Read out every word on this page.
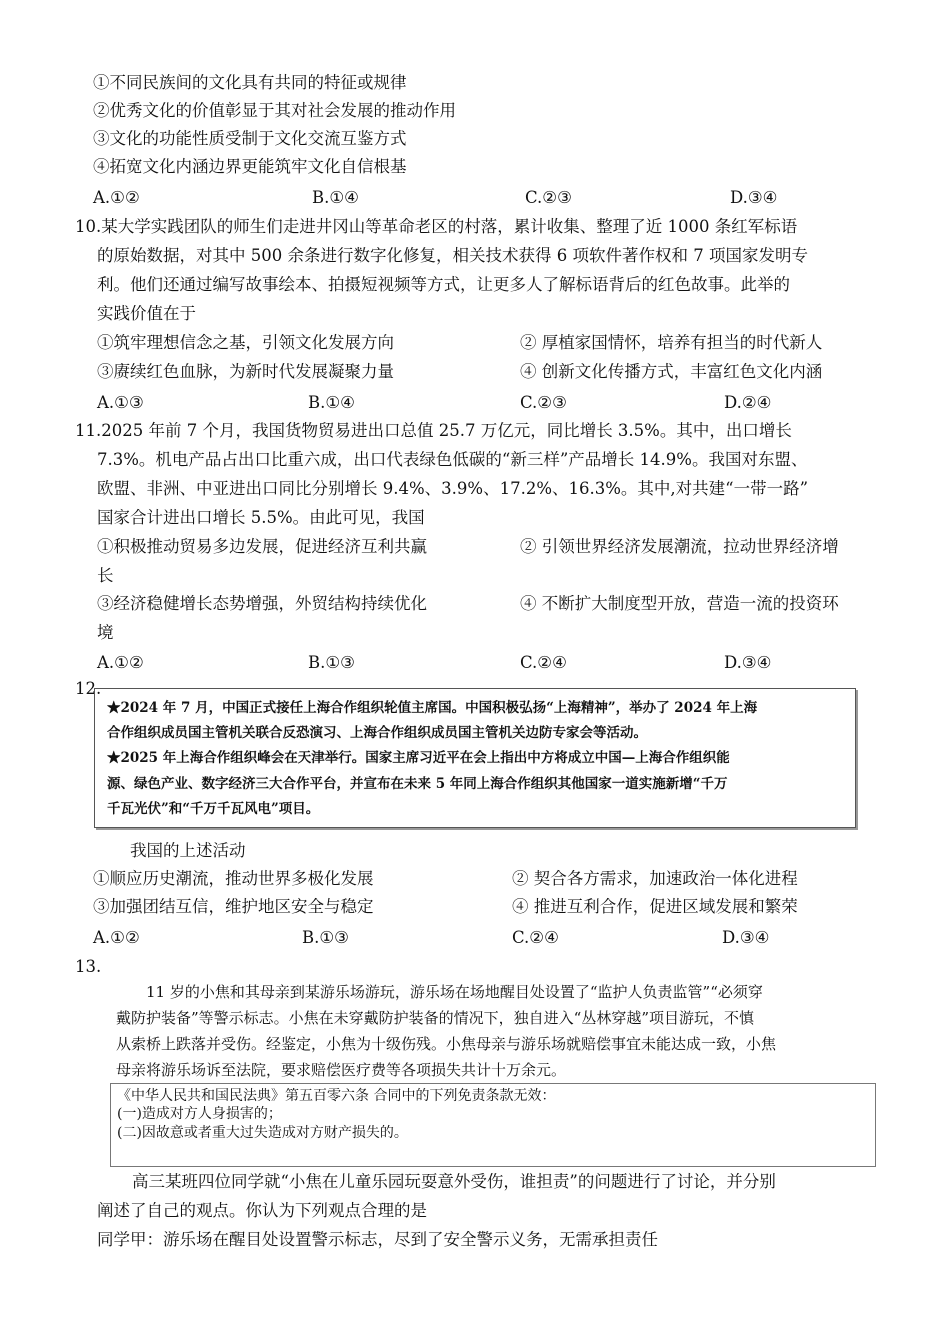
①不同民族间的文化具有共同的特征或规律
②优秀文化的价值彰显于其对社会发展的推动作用
③文化的功能性质受制于文化交流互鉴方式
④拓宽文化内涵边界更能筑牢文化自信根基
A.①②	B.①④	C.②③	D.③④
10.某大学实践团队的师生们走进井冈山等革命老区的村落，累计收集、整理了近 1000 条红军标语
的原始数据，对其中 500 余条进行数字化修复，相关技术获得 6 项软件著作权和 7 项国家发明专
利。他们还通过编写故事绘本、拍摄短视频等方式，让更多人了解标语背后的红色故事。此举的
实践价值在于
①筑牢理想信念之基，引领文化发展方向	② 厚植家国情怀，培养有担当的时代新人
③赓续红色血脉，为新时代发展凝聚力量	④ 创新文化传播方式，丰富红色文化内涵
A.①③	B.①④	C.②③	D.②④
11.2025 年前 7 个月，我国货物贸易进出口总值 25.7 万亿元，同比增长 3.5%。其中，出口增长
7.3%。机电产品占出口比重六成，出口代表绿色低碳的“新三样”产品增长 14.9%。我国对东盟、
欧盟、非洲、中亚进出口同比分别增长 9.4%、3.9%、17.2%、16.3%。其中,对共建“一带一路”
国家合计进出口增长 5.5%。由此可见，我国
①积极推动贸易多边发展，促进经济互利共赢	② 引领世界经济发展潮流，拉动世界经济增
长
③经济稳健增长态势增强，外贸结构持续优化	④ 不断扩大制度型开放，营造一流的投资环
境
A.①②	B.①③	C.②④	D.③④
12.
★2024 年 7 月，中国正式接任上海合作组织轮值主席国。中国积极弘扬“上海精神”，举办了 2024 年上海
合作组织成员国主管机关联合反恐演习、上海合作组织成员国主管机关边防专家会等活动。
★2025 年上海合作组织峰会在天津举行。国家主席习近平在会上指出中方将成立中国—上海合作组织能
源、绿色产业、数字经济三大合作平台，并宣布在未来 5 年同上海合作组织其他国家一道实施新增“千万
千瓦光伏”和“千万千瓦风电”项目。
我国的上述活动
①顺应历史潮流，推动世界多极化发展	② 契合各方需求，加速政治一体化进程
③加强团结互信，维护地区安全与稳定	④ 推进互利合作，促进区域发展和繁荣
A.①②	B.①③	C.②④	D.③④
13.
11 岁的小焦和其母亲到某游乐场游玩，游乐场在场地醒目处设置了“监护人负责监管”“必须穿
戴防护装备”等警示标志。小焦在未穿戴防护装备的情况下，独自进入“丛林穿越”项目游玩，不慎
从索桥上跌落并受伤。经鉴定，小焦为十级伤残。小焦母亲与游乐场就赔偿事宜未能达成一致，小焦
母亲将游乐场诉至法院，要求赔偿医疗费等各项损失共计十万余元。
《中华人民共和国民法典》第五百零六条 合同中的下列免责条款无效：
(一)造成对方人身损害的；
(二)因故意或者重大过失造成对方财产损失的。
高三某班四位同学就“小焦在儿童乐园玩耍意外受伤，谁担责”的问题进行了讨论，并分别
阐述了自己的观点。你认为下列观点合理的是
同学甲：游乐场在醒目处设置警示标志，尽到了安全警示义务，无需承担责任
